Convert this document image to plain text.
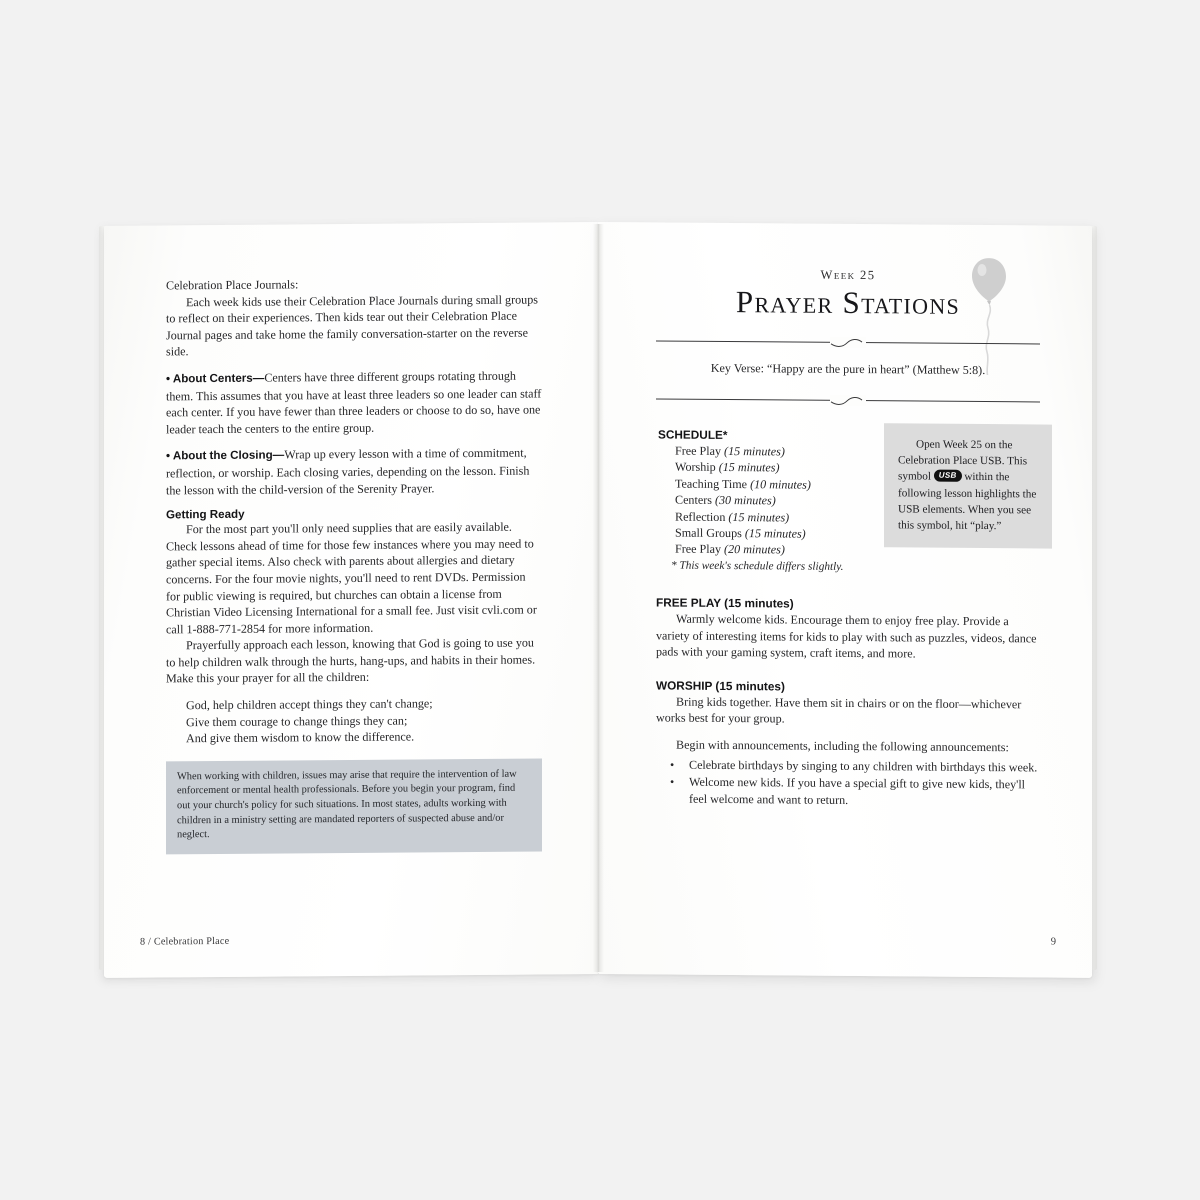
Celebration Place Journals:

Each week kids use their Celebration Place Journals during small groups to reflect on their experiences. Then kids tear out their Celebration Place Journal pages and take home the family conversation-starter on the reverse side.

• About Centers—Centers have three different groups rotating through them. This assumes that you have at least three leaders so one leader can staff each center. If you have fewer than three leaders or choose to do so, have one leader teach the centers to the entire group.

• About the Closing—Wrap up every lesson with a time of commitment, reflection, or worship. Each closing varies, depending on the lesson. Finish the lesson with the child-version of the Serenity Prayer.

Getting Ready

For the most part you'll only need supplies that are easily available. Check lessons ahead of time for those few instances where you may need to gather special items. Also check with parents about allergies and dietary concerns. For the four movie nights, you'll need to rent DVDs. Permission for public viewing is required, but churches can obtain a license from Christian Video Licensing International for a small fee. Just visit cvli.com or call 1-888-771-2854 for more information.

Prayerfully approach each lesson, knowing that God is going to use you to help children walk through the hurts, hang-ups, and habits in their homes. Make this your prayer for all the children:

God, help children accept things they can't change;

Give them courage to change things they can;

And give them wisdom to know the difference.

When working with children, issues may arise that require the intervention of law enforcement or mental health professionals. Before you begin your program, find out your church's policy for such situations. In most states, adults working with children in a ministry setting are mandated reporters of suspected abuse and/or neglect.
8 / Celebration Place
Week 25
Prayer Stations
Key Verse: “Happy are the pure in heart” (Matthew 5:8).
SCHEDULE*
Free Play (15 minutes)
Worship (15 minutes)
Teaching Time (10 minutes)
Centers (30 minutes)
Reflection (15 minutes)
Small Groups (15 minutes)
Free Play (20 minutes)
* This week's schedule differs slightly.
Open Week 25 on the Celebration Place USB. This symbol USB within the following lesson highlights the USB elements. When you see this symbol, hit “play.”
FREE PLAY (15 minutes)

Warmly welcome kids. Encourage them to enjoy free play. Provide a variety of interesting items for kids to play with such as puzzles, videos, dance pads with your gaming system, craft items, and more.

WORSHIP (15 minutes)

Bring kids together. Have them sit in chairs or on the floor—whichever works best for your group.

Begin with announcements, including the following announcements:

• Celebrate birthdays by singing to any children with birthdays this week.
• Welcome new kids. If you have a special gift to give new kids, they'll feel welcome and want to return.
9
